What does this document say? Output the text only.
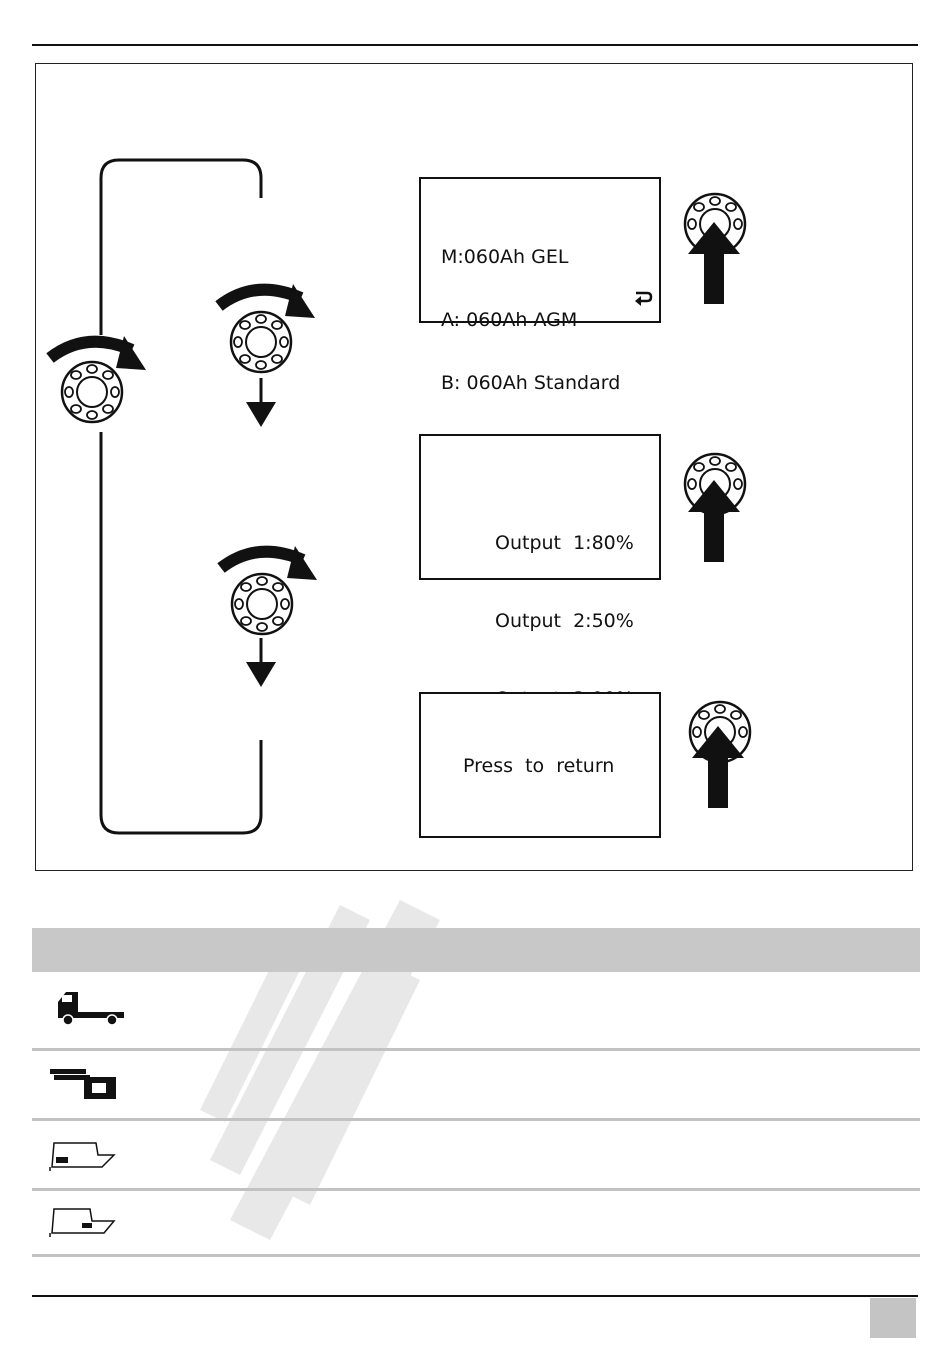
M:060Ah GEL

A: 060Ah AGM

B: 060Ah Standard

Output  1:80%

Output  2:50%

Press  to  return
